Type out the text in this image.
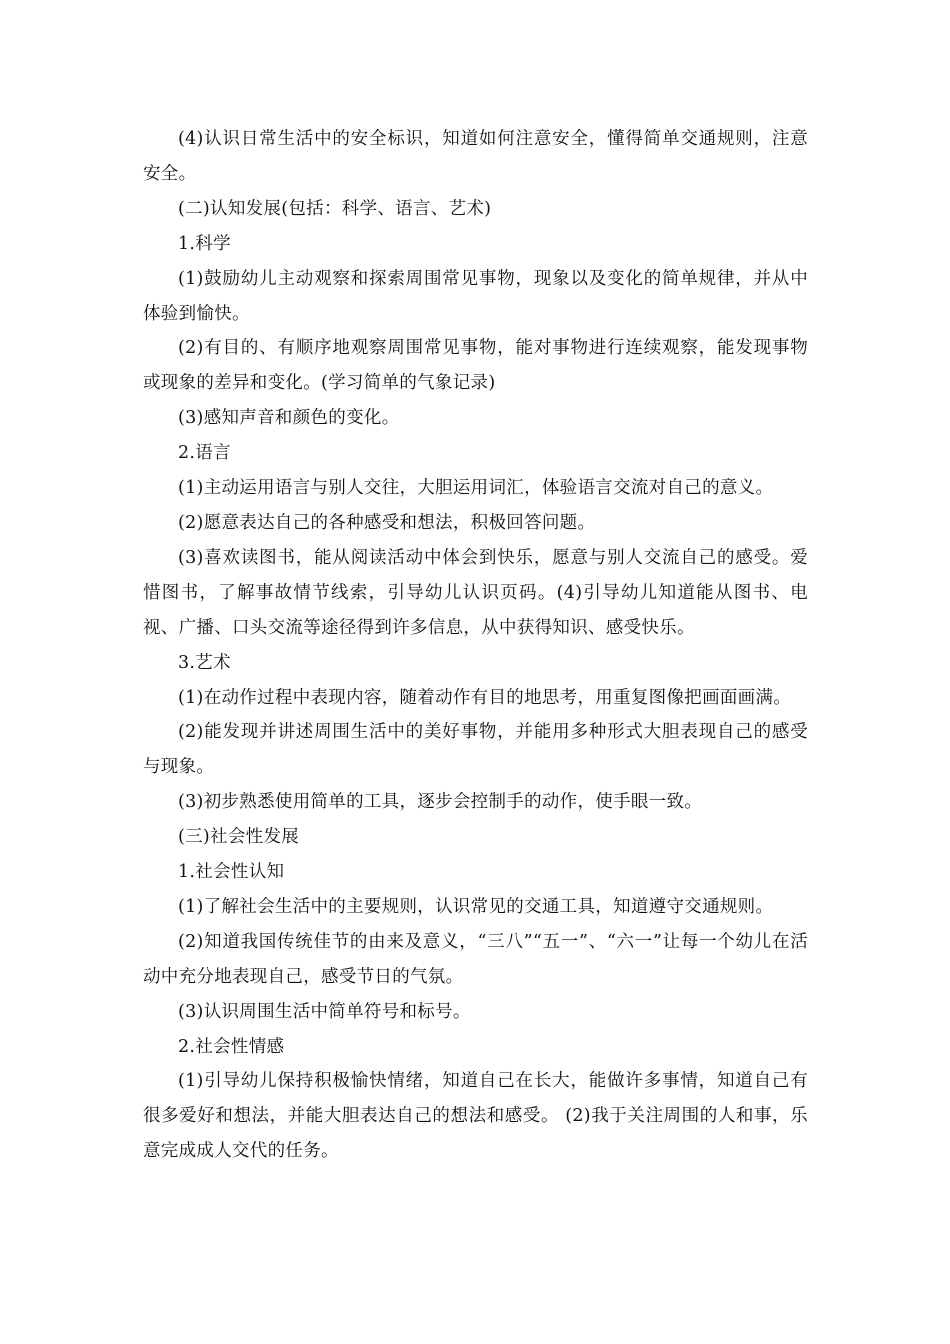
(4)认识日常生活中的安全标识，知道如何注意安全，懂得简单交通规则，注意安全。

(二)认知发展(包括：科学、语言、艺术)

1.科学

(1)鼓励幼儿主动观察和探索周围常见事物，现象以及变化的简单规律，并从中体验到愉快。

(2)有目的、有顺序地观察周围常见事物，能对事物进行连续观察，能发现事物或现象的差异和变化。(学习简单的气象记录)

(3)感知声音和颜色的变化。

2.语言

(1)主动运用语言与别人交往，大胆运用词汇，体验语言交流对自己的意义。

(2)愿意表达自己的各种感受和想法，积极回答问题。

(3)喜欢读图书，能从阅读活动中体会到快乐，愿意与别人交流自己的感受。爱惜图书，了解事故情节线索，引导幼儿认识页码。(4)引导幼儿知道能从图书、电视、广播、口头交流等途径得到许多信息，从中获得知识、感受快乐。

3.艺术

(1)在动作过程中表现内容，随着动作有目的地思考，用重复图像把画面画满。

(2)能发现并讲述周围生活中的美好事物，并能用多种形式大胆表现自己的感受与现象。

(3)初步熟悉使用简单的工具，逐步会控制手的动作，使手眼一致。

(三)社会性发展

1.社会性认知

(1)了解社会生活中的主要规则，认识常见的交通工具，知道遵守交通规则。

(2)知道我国传统佳节的由来及意义，“三八”“五一”、“六一”让每一个幼儿在活动中充分地表现自己，感受节日的气氛。

(3)认识周围生活中简单符号和标号。

2.社会性情感

(1)引导幼儿保持积极愉快情绪，知道自己在长大，能做许多事情，知道自己有很多爱好和想法，并能大胆表达自己的想法和感受。 (2)我于关注周围的人和事，乐意完成成人交代的任务。
